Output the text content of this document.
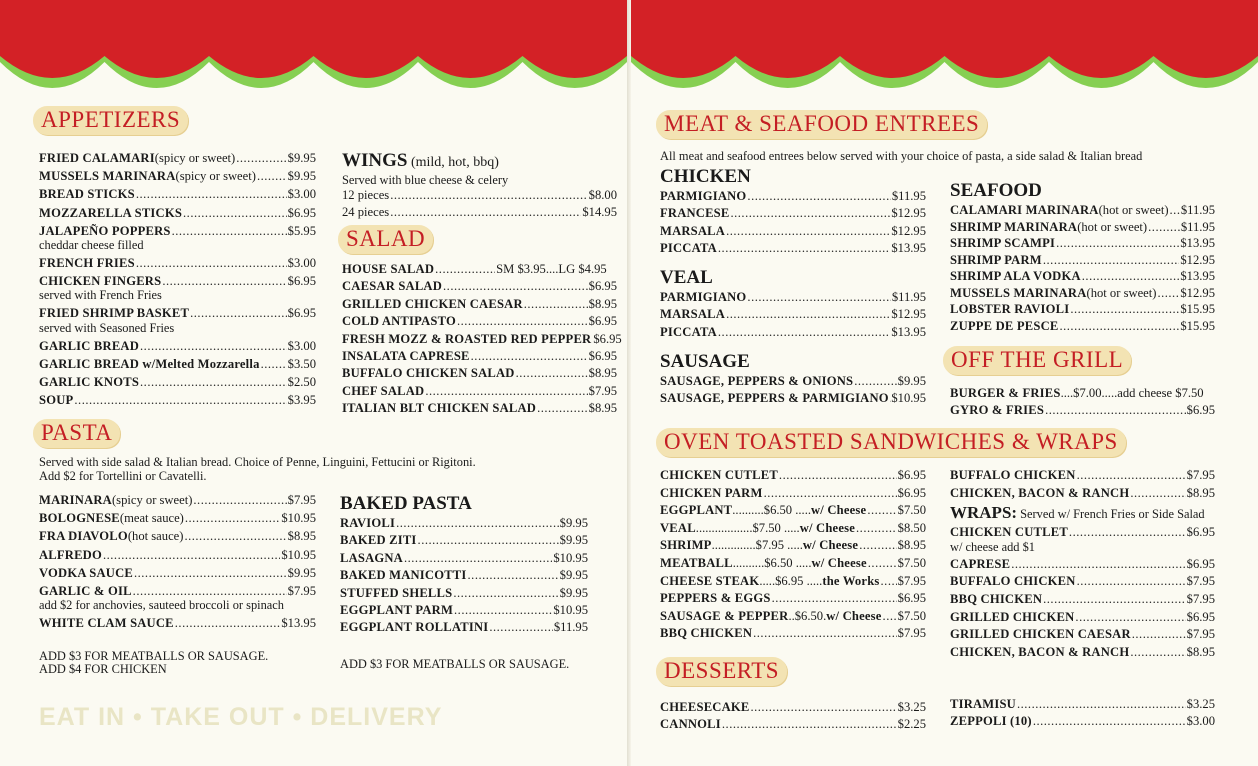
APPETIZERS
FRIED CALAMARI (spicy or sweet) .....	$9.95
MUSSELS MARINARA (spicy or sweet) .....	$9.95
BREAD STICKS .....	$3.00
MOZZARELLA STICKS .....	$6.95
JALAPEÑO POPPERS .....	$5.95
cheddar cheese filled
FRENCH FRIES .....	$3.00
CHICKEN FINGERS .....	$6.95
served with French Fries
FRIED SHRIMP BASKET .....	$6.95
served with Seasoned Fries
GARLIC BREAD .....	$3.00
GARLIC BREAD w/Melted Mozzarella ..... $3.50
GARLIC KNOTS .....	$2.50
SOUP .....	$3.95
WINGS (mild, hot, bbq)
Served with blue cheese & celery
12 pieces .....	$8.00
24 pieces .....	$14.95
SALAD
HOUSE SALAD .....	SM $3.95....LG $4.95
CAESAR SALAD .....	$6.95
GRILLED CHICKEN CAESAR .....	$8.95
COLD ANTIPASTO .....	$6.95
FRESH MOZZ & ROASTED RED PEPPER $6.95
INSALATA CAPRESE .....	$6.95
BUFFALO CHICKEN SALAD .....	$8.95
CHEF SALAD .....	$7.95
ITALIAN BLT CHICKEN SALAD .....	$8.95
PASTA
Served with side salad & Italian bread. Choice of Penne, Linguini, Fettucini or Rigitoni.
Add $2 for Tortellini or Cavatelli.
MARINARA (spicy or sweet) .....	$7.95
BOLOGNESE (meat sauce) .....	$10.95
FRA DIAVOLO (hot sauce) .....	$8.95
ALFREDO .....	$10.95
VODKA SAUCE .....	$9.95
GARLIC & OIL .....	$7.95
add $2 for anchovies, sauteed broccoli or spinach
WHITE CLAM SAUCE .....	$13.95
ADD $3 FOR MEATBALLS OR SAUSAGE.
ADD $4 FOR CHICKEN
BAKED PASTA
RAVIOLI .....	$9.95
BAKED ZITI .....	$9.95
LASAGNA .....	$10.95
BAKED MANICOTTI .....	$9.95
STUFFED SHELLS .....	$9.95
EGGPLANT PARM .....	$10.95
EGGPLANT ROLLATINI .....	$11.95
ADD $3 FOR MEATBALLS OR SAUSAGE.
EAT IN • TAKE OUT • DELIVERY
MEAT & SEAFOOD ENTREES
All meat and seafood entrees below served with your choice of pasta, a side salad & Italian bread
CHICKEN
PARMIGIANO .....	$11.95
FRANCESE .....	$12.95
MARSALA .....	$12.95
PICCATA .....	$13.95
VEAL
PARMIGIANO .....	$11.95
MARSALA .....	$12.95
PICCATA .....	$13.95
SAUSAGE
SAUSAGE, PEPPERS & ONIONS .....	$9.95
SAUSAGE, PEPPERS & PARMIGIANO ..... $10.95
SEAFOOD
CALAMARI MARINARA (hot or sweet) ..... $11.95
SHRIMP MARINARA (hot or sweet) .....	$11.95
SHRIMP SCAMPI .....	$13.95
SHRIMP PARM .....	$12.95
SHRIMP ALA VODKA .....	$13.95
MUSSELS MARINARA (hot or sweet) ..... $12.95
LOBSTER RAVIOLI .....	$15.95
ZUPPE DE PESCE .....	$15.95
OFF THE GRILL
BURGER & FRIES .... $7.00.....add cheese $7.50
GYRO & FRIES .....	$6.95
OVEN TOASTED SANDWICHES & WRAPS
CHICKEN CUTLET .....	$6.95
CHICKEN PARM .....	$6.95
EGGPLANT ..........$6.50 ..... w/ Cheese ..... $7.50
VEAL ..................$7.50 ..... w/ Cheese .....	$8.50
SHRIMP ..............$7.95 ..... w/ Cheese .....	$8.95
MEATBALL ..........$6.50 ..... w/ Cheese ..... $7.50
CHEESE STEAK .....$6.95 ..... the Works ..... $7.95
PEPPERS & EGGS .....	$6.95
SAUSAGE & PEPPER ..$6.50. w/ Cheese ..... $7.50
BBQ CHICKEN .....	$7.95
BUFFALO CHICKEN .....	$7.95
CHICKEN, BACON & RANCH .....	$8.95
WRAPS: Served w/ French Fries or Side Salad
CHICKEN CUTLET .....	$6.95
w/ cheese add $1
CAPRESE .....	$6.95
BUFFALO CHICKEN .....	$7.95
BBQ CHICKEN .....	$7.95
GRILLED CHICKEN .....	$6.95
GRILLED CHICKEN CAESAR .....	$7.95
CHICKEN, BACON & RANCH .....	$8.95
DESSERTS
CHEESECAKE .....	$3.25
CANNOLI .....	$2.25
TIRAMISU .....	$3.25
ZEPPOLI (10) .....	$3.00
